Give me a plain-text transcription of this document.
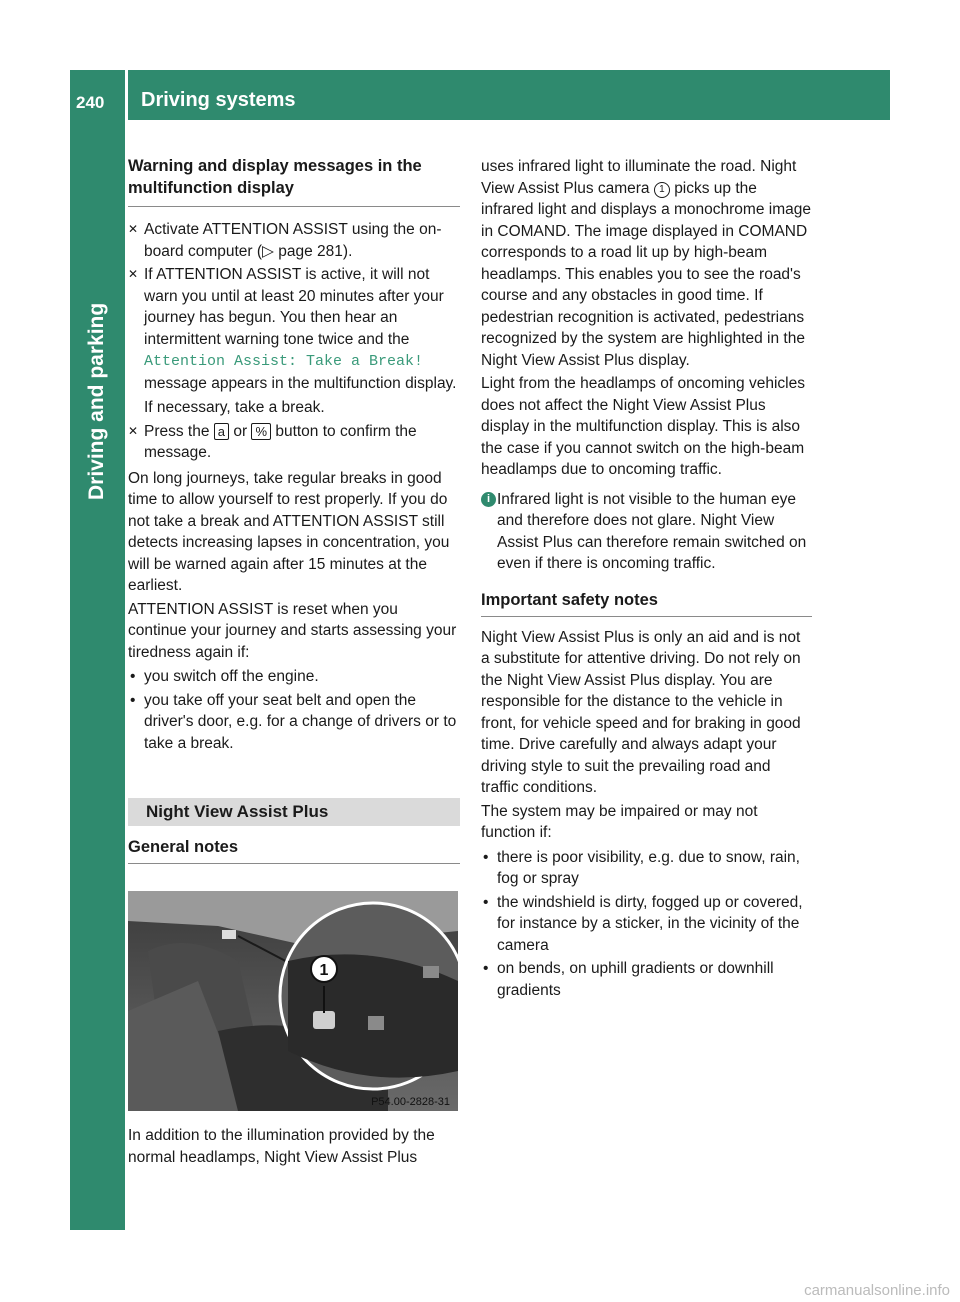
240 Driving systems
Driving and parking
Warning and display messages in the multifunction display
✕ Activate ATTENTION ASSIST using the on-board computer (▷ page 281).
✕ If ATTENTION ASSIST is active, it will not warn you until at least 20 minutes after your journey has begun. You then hear an intermittent warning tone twice and the Attention Assist: Take a Break! message appears in the multifunction display.

If necessary, take a break.

✕ Press the a or % button to confirm the message.

On long journeys, take regular breaks in good time to allow yourself to rest properly. If you do not take a break and ATTENTION ASSIST still detects increasing lapses in concentration, you will be warned again after 15 minutes at the earliest.

ATTENTION ASSIST is reset when you continue your journey and starts assessing your tiredness again if:

• you switch off the engine.
• you take off your seat belt and open the driver's door, e.g. for a change of drivers or to take a break.
Night View Assist Plus
General notes
1
P54.00-2828-31

In addition to the illumination provided by the normal headlamps, Night View Assist Plus

uses infrared light to illuminate the road. Night View Assist Plus camera 1 picks up the infrared light and displays a monochrome image in COMAND. The image displayed in COMAND corresponds to a road lit up by high-beam headlamps. This enables you to see the road's course and any obstacles in good time. If pedestrian recognition is activated, pedestrians recognized by the system are highlighted in the Night View Assist Plus display.

Light from the headlamps of oncoming vehicles does not affect the Night View Assist Plus display in the multifunction display. This is also the case if you cannot switch on the high-beam headlamps due to oncoming traffic.

i Infrared light is not visible to the human eye and therefore does not glare. Night View Assist Plus can therefore remain switched on even if there is oncoming traffic.
Important safety notes

Night View Assist Plus is only an aid and is not a substitute for attentive driving. Do not rely on the Night View Assist Plus display. You are responsible for the distance to the vehicle in front, for vehicle speed and for braking in good time. Drive carefully and always adapt your driving style to suit the prevailing road and traffic conditions.

The system may be impaired or may not function if:

• there is poor visibility, e.g. due to snow, rain, fog or spray
• the windshield is dirty, fogged up or covered, for instance by a sticker, in the vicinity of the camera
• on bends, on uphill gradients or downhill gradients
carmanualsonline.info
